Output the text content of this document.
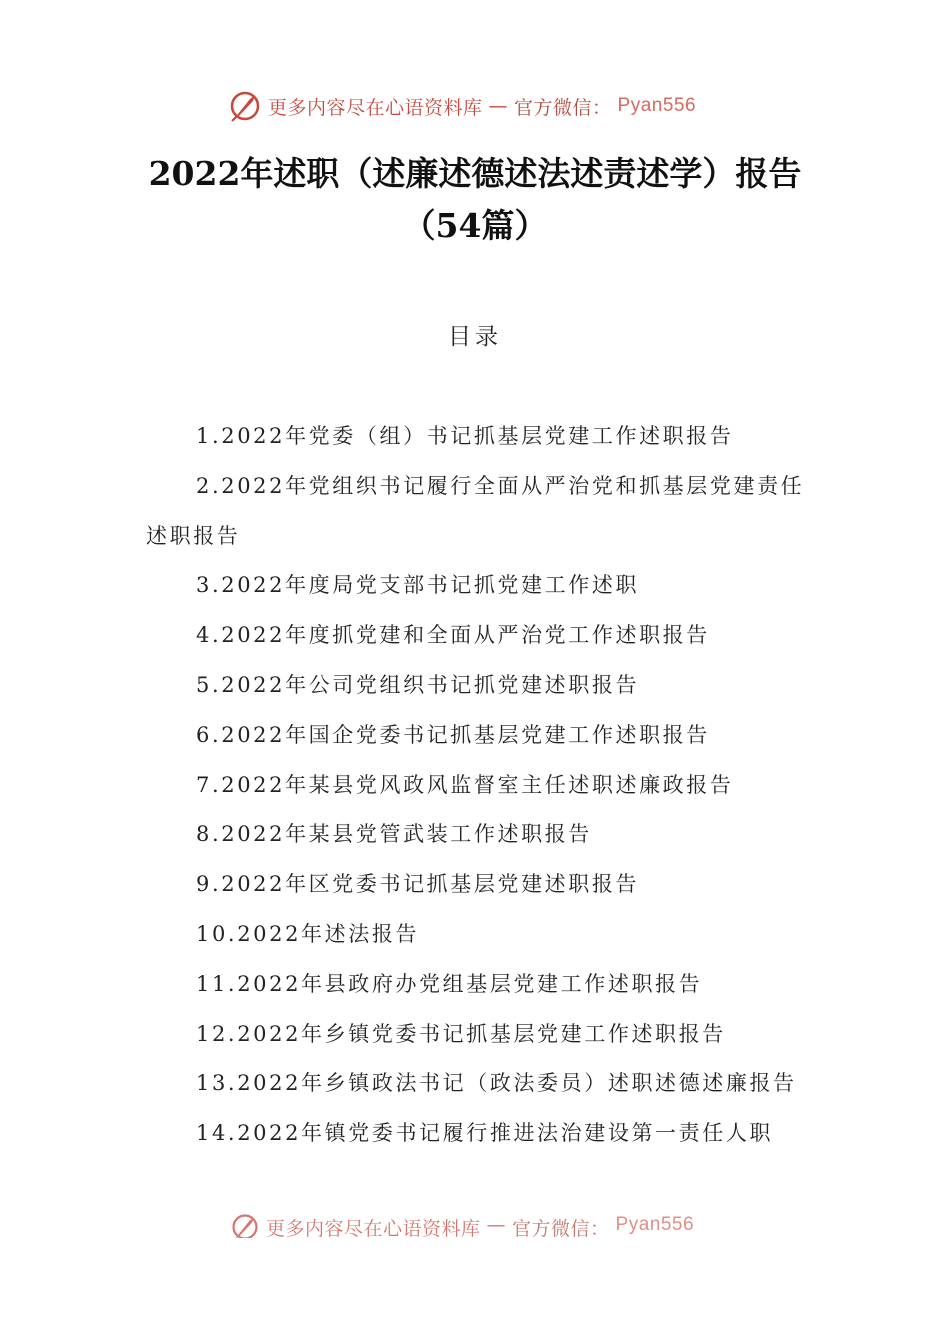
更多内容尽在心语资料库 — 官方微信： Pyan556
2022年述职（述廉述德述法述责述学）报告（54篇）
目录
1.2022年党委（组）书记抓基层党建工作述职报告
2.2022年党组织书记履行全面从严治党和抓基层党建责任述职报告
3.2022年度局党支部书记抓党建工作述职
4.2022年度抓党建和全面从严治党工作述职报告
5.2022年公司党组织书记抓党建述职报告
6.2022年国企党委书记抓基层党建工作述职报告
7.2022年某县党风政风监督室主任述职述廉政报告
8.2022年某县党管武装工作述职报告
9.2022年区党委书记抓基层党建述职报告
10.2022年述法报告
11.2022年县政府办党组基层党建工作述职报告
12.2022年乡镇党委书记抓基层党建工作述职报告
13.2022年乡镇政法书记（政法委员）述职述德述廉报告
14.2022年镇党委书记履行推进法治建设第一责任人职
更多内容尽在心语资料库 — 官方微信： Pyan556
